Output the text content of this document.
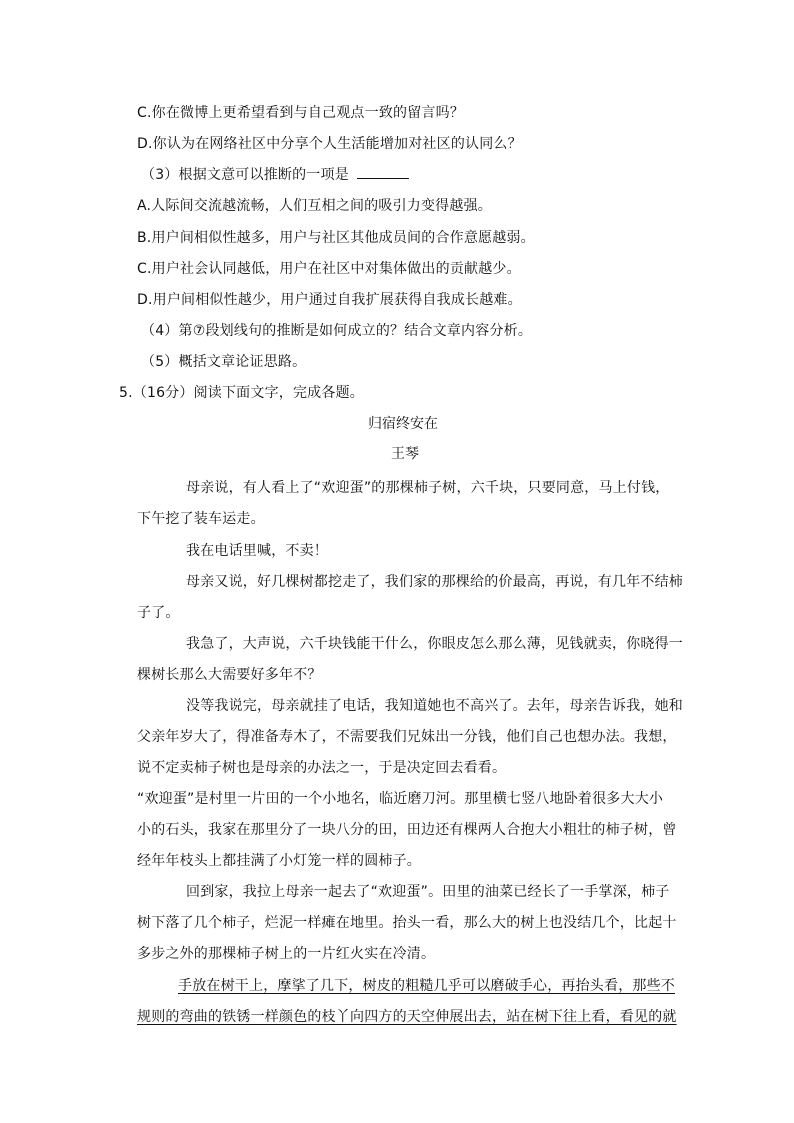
C.你在微博上更希望看到与自己观点一致的留言吗？
D.你认为在网络社区中分享个人生活能增加对社区的认同么？
（3）根据文意可以推断的一项是
A.人际间交流越流畅，人们互相之间的吸引力变得越强。
B.用户间相似性越多，用户与社区其他成员间的合作意愿越弱。
C.用户社会认同越低，用户在社区中对集体做出的贡献越少。
D.用户间相似性越少，用户通过自我扩展获得自我成长越难。
（4）第⑦段划线句的推断是如何成立的？结合文章内容分析。
（5）概括文章论证思路。
5.（16分）阅读下面文字，完成各题。
归宿终安在
王琴
母亲说，有人看上了“欢迎蛋”的那棵柿子树，六千块，只要同意，马上付钱，
下午挖了装车运走。
我在电话里喊，不卖！
母亲又说，好几棵树都挖走了，我们家的那棵给的价最高，再说，有几年不结柿
子了。
我急了，大声说，六千块钱能干什么，你眼皮怎么那么薄，见钱就卖，你晓得一
棵树长那么大需要好多年不？
没等我说完，母亲就挂了电话，我知道她也不高兴了。去年，母亲告诉我，她和
父亲年岁大了，得准备寿木了，不需要我们兄妹出一分钱，他们自己也想办法。我想，
说不定卖柿子树也是母亲的办法之一，于是决定回去看看。
“欢迎蛋”是村里一片田的一个小地名，临近磨刀河。那里横七竖八地卧着很多大大小
小的石头，我家在那里分了一块八分的田，田边还有棵两人合抱大小粗壮的柿子树，曾
经年年枝头上都挂满了小灯笼一样的圆柿子。
回到家，我拉上母亲一起去了“欢迎蛋”。田里的油菜已经长了一手掌深，柿子
树下落了几个柿子，烂泥一样瘫在地里。抬头一看，那么大的树上也没结几个，比起十
多步之外的那棵柿子树上的一片红火实在冷清。
手放在树干上，摩挲了几下，树皮的粗糙几乎可以磨破手心，再抬头看，那些不
规则的弯曲的铁锈一样颜色的枝丫向四方的天空伸展出去，站在树下往上看，看见的就
